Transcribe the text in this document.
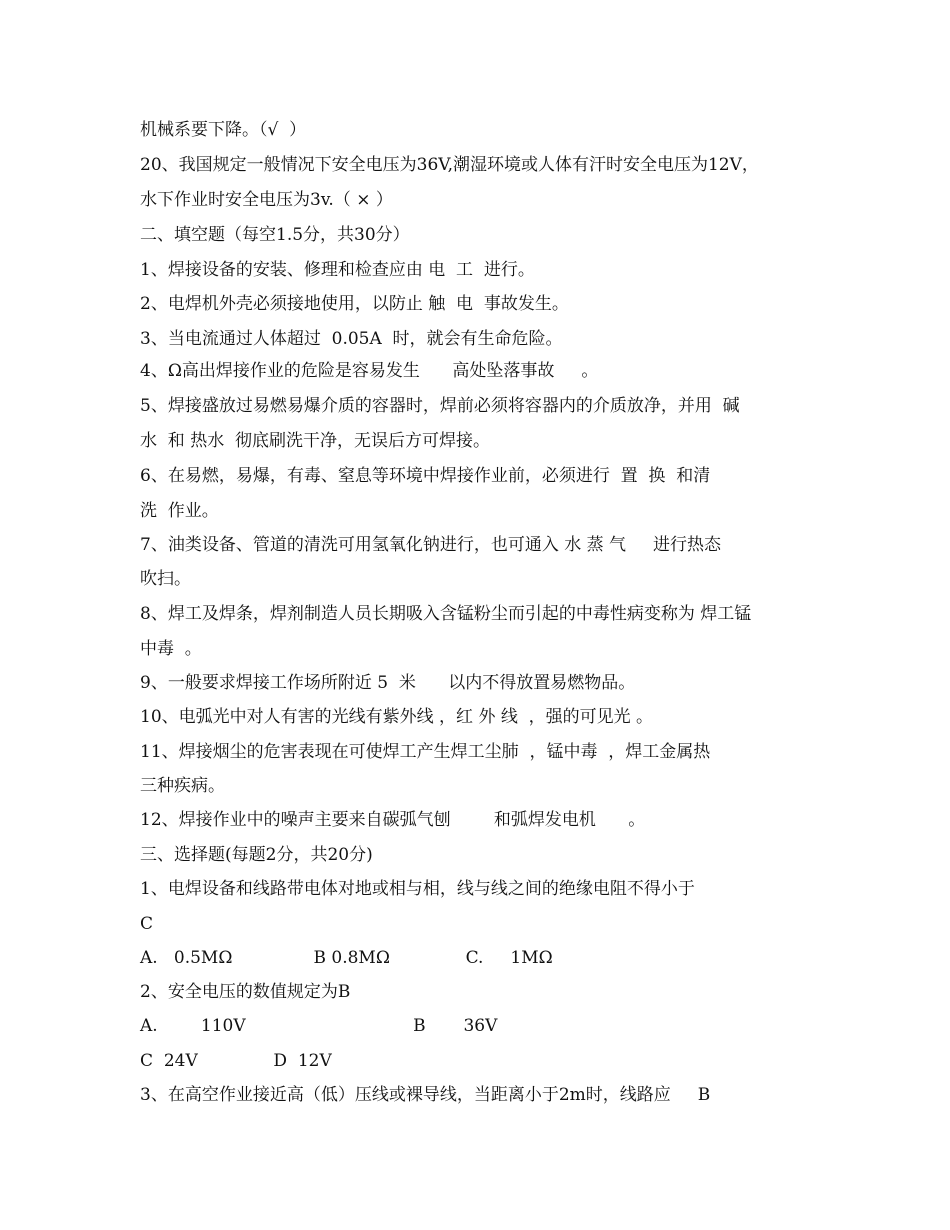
机械系要下降。（√  ）
20、我国规定一般情况下安全电压为36V,潮湿环境或人体有汗时安全电压为12V，
水下作业时安全电压为3v.（ × ）
二、填空题（每空1.5分，共30分）
1、焊接设备的安装、修理和检查应由 电  工  进行。
2、电焊机外壳必须接地使用，以防止 触  电  事故发生。
3、当电流通过人体超过  0.05A  时，就会有生命危险。
4、Ω高出焊接作业的危险是容易发生      高处坠落事故     。
5、焊接盛放过易燃易爆介质的容器时，焊前必须将容器内的介质放净，并用  碱
水  和 热水  彻底刷洗干净，无误后方可焊接。
6、在易燃，易爆，有毒、窒息等环境中焊接作业前，必须进行  置  换  和清
洗  作业。
7、油类设备、管道的清洗可用氢氧化钠进行，也可通入 水 蒸 气     进行热态
吹扫。
8、焊工及焊条，焊剂制造人员长期吸入含锰粉尘而引起的中毒性病变称为 焊工锰
中毒  。
9、一般要求焊接工作场所附近 5  米      以内不得放置易燃物品。
10、电弧光中对人有害的光线有紫外线 ，红 外 线  ，强的可见光 。
11、焊接烟尘的危害表现在可使焊工产生焊工尘肺  ，锰中毒  ，焊工金属热
三种疾病。
12、焊接作业中的噪声主要来自碳弧气刨        和弧焊发电机      。
三、选择题(每题2分，共20分)
1、电焊设备和线路带电体对地或相与相，线与线之间的绝缘电阻不得小于
C
A.   0.5MΩ               B 0.8MΩ              C.     1MΩ
2、安全电压的数值规定为B
A.        110V                               B       36V
C  24V              D  12V
3、在高空作业接近高（低）压线或裸导线，当距离小于2m时，线路应     B
